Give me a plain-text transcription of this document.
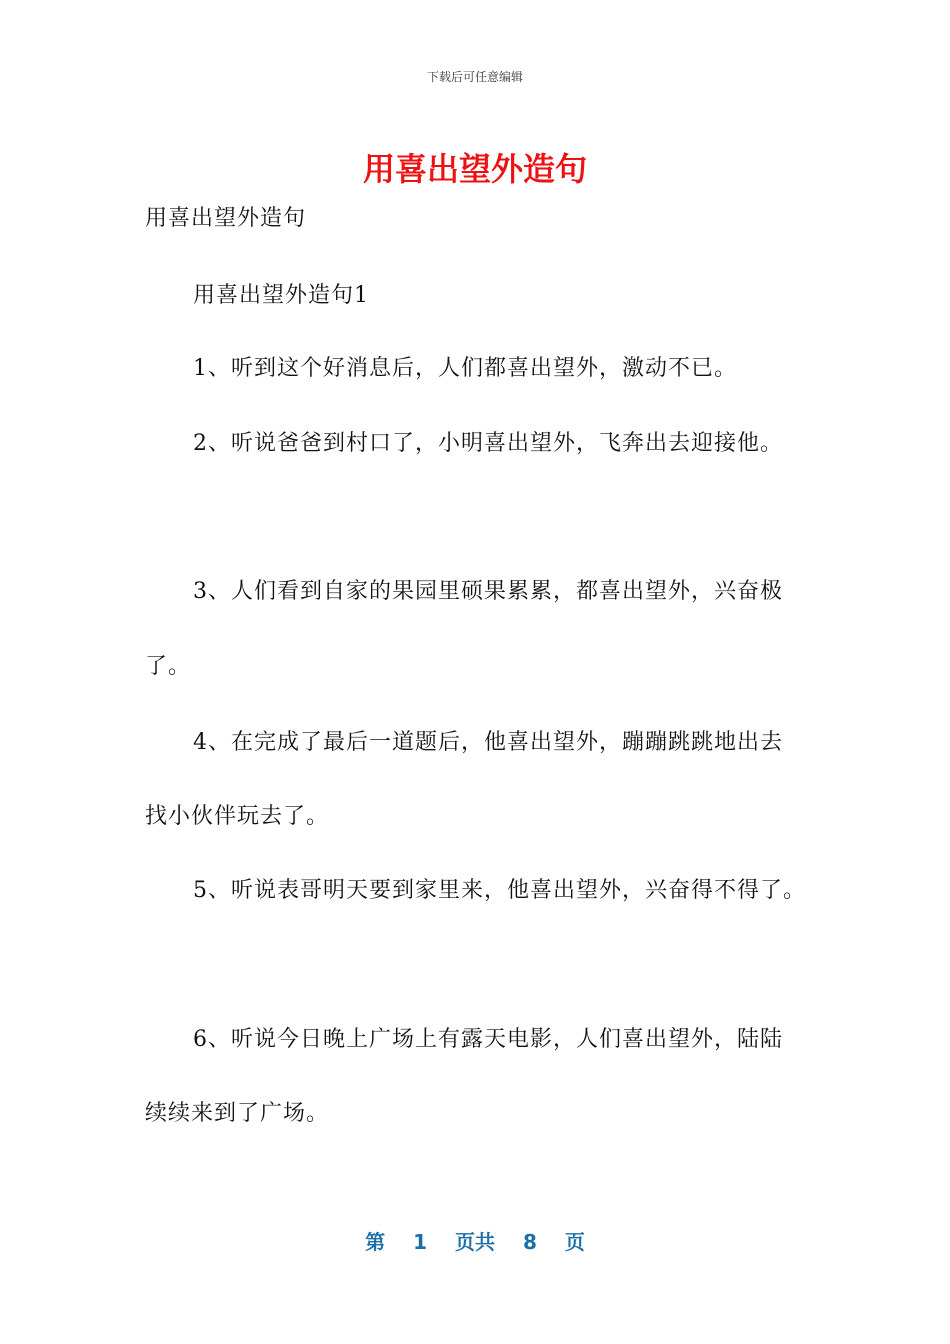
下载后可任意编辑
用喜出望外造句
用喜出望外造句
用喜出望外造句1
1、听到这个好消息后，人们都喜出望外，激动不已。
2、听说爸爸到村口了，小明喜出望外，飞奔出去迎接他。
3、人们看到自家的果园里硕果累累，都喜出望外，兴奋极
了。
4、在完成了最后一道题后，他喜出望外，蹦蹦跳跳地出去
找小伙伴玩去了。
5、听说表哥明天要到家里来，他喜出望外，兴奋得不得了。
6、听说今日晚上广场上有露天电影，人们喜出望外，陆陆
续续来到了广场。
第 1 页共 8 页
